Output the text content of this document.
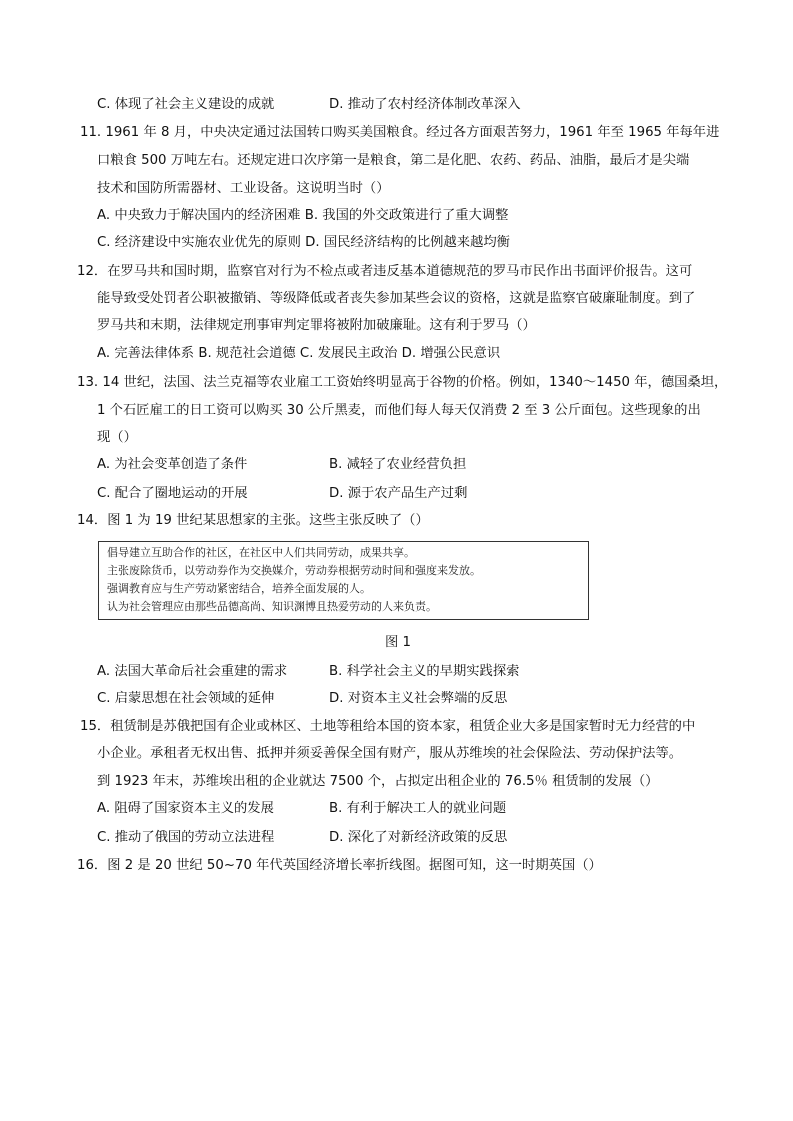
C. 体现了社会主义建设的成就	D. 推动了农村经济体制改革深入
11. 1961 年 8 月，中央决定通过法国转口购买美国粮食。经过各方面艰苦努力，1961 年至 1965 年每年进
口粮食 500 万吨左右。还规定进口次序第一是粮食，第二是化肥、农药、药品、油脂，最后才是尖端
技术和国防所需器材、工业设备。这说明当时（）
A. 中央致力于解决国内的经济困难 B. 我国的外交政策进行了重大调整
C. 经济建设中实施农业优先的原则 D. 国民经济结构的比例越来越均衡
12．在罗马共和国时期，监察官对行为不检点或者违反基本道德规范的罗马市民作出书面评价报告。这可
能导致受处罚者公职被撤销、等级降低或者丧失参加某些会议的资格，这就是监察官破廉耻制度。到了
罗马共和末期，法律规定刑事审判定罪将被附加破廉耻。这有利于罗马（）
A. 完善法律体系 B. 规范社会道德 C. 发展民主政治 D. 增强公民意识
13. 14 世纪，法国、法兰克福等农业雇工工资始终明显高于谷物的价格。例如，1340～1450 年，德国桑坦，
1 个石匠雇工的日工资可以购买 30 公斤黑麦，而他们每人每天仅消费 2 至 3 公斤面包。这些现象的出
现（）
A. 为社会变革创造了条件	B. 减轻了农业经营负担
C. 配合了圈地运动的开展	D. 源于农产品生产过剩
14．图 1 为 19 世纪某思想家的主张。这些主张反映了（）
倡导建立互助合作的社区，在社区中人们共同劳动，成果共享。
主张废除货币，以劳动券作为交换媒介，劳动券根据劳动时间和强度来发放。
强调教育应与生产劳动紧密结合，培养全面发展的人。
认为社会管理应由那些品德高尚、知识渊博且热爱劳动的人来负责。
图 1
A. 法国大革命后社会重建的需求	B. 科学社会主义的早期实践探索
C. 启蒙思想在社会领域的延伸	D. 对资本主义社会弊端的反思
15．租赁制是苏俄把国有企业或林区、土地等租给本国的资本家，租赁企业大多是国家暂时无力经营的中
小企业。承租者无权出售、抵押并须妥善保全国有财产，服从苏维埃的社会保险法、劳动保护法等。
到 1923 年末，苏维埃出租的企业就达 7500 个，占拟定出租企业的 76.5％ 租赁制的发展（）
A. 阻碍了国家资本主义的发展	B. 有利于解决工人的就业问题
C. 推动了俄国的劳动立法进程	D. 深化了对新经济政策的反思
16．图 2 是 20 世纪 50~70 年代英国经济增长率折线图。据图可知，这一时期英国（）
